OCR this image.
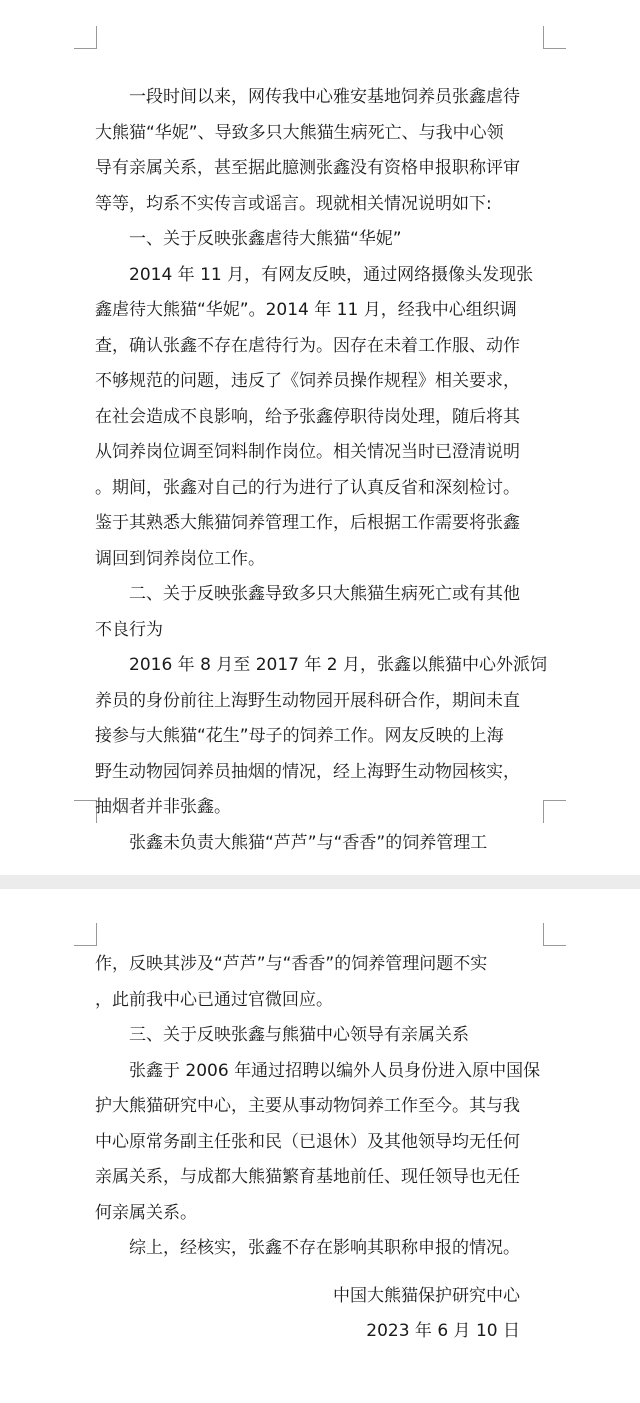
一段时间以来，网传我中心雅安基地饲养员张鑫虐待
大熊猫“华妮”、导致多只大熊猫生病死亡、与我中心领
导有亲属关系，甚至据此臆测张鑫没有资格申报职称评审
等等，均系不实传言或谣言。现就相关情况说明如下:
一、关于反映张鑫虐待大熊猫“华妮”
2014 年 11 月，有网友反映，通过网络摄像头发现张
鑫虐待大熊猫“华妮”。2014 年 11 月，经我中心组织调
查，确认张鑫不存在虐待行为。因存在未着工作服、动作
不够规范的问题，违反了《饲养员操作规程》相关要求，
在社会造成不良影响，给予张鑫停职待岗处理，随后将其
从饲养岗位调至饲料制作岗位。相关情况当时已澄清说明
。期间，张鑫对自己的行为进行了认真反省和深刻检讨。
鉴于其熟悉大熊猫饲养管理工作，后根据工作需要将张鑫
调回到饲养岗位工作。
二、关于反映张鑫导致多只大熊猫生病死亡或有其他
不良行为
2016 年 8 月至 2017 年 2 月，张鑫以熊猫中心外派饲
养员的身份前往上海野生动物园开展科研合作，期间未直
接参与大熊猫“花生”母子的饲养工作。网友反映的上海
野生动物园饲养员抽烟的情况，经上海野生动物园核实，
抽烟者并非张鑫。
张鑫未负责大熊猫“芦芦”与“香香”的饲养管理工
作，反映其涉及“芦芦”与“香香”的饲养管理问题不实
，此前我中心已通过官微回应。
三、关于反映张鑫与熊猫中心领导有亲属关系
张鑫于 2006 年通过招聘以编外人员身份进入原中国保
护大熊猫研究中心，主要从事动物饲养工作至今。其与我
中心原常务副主任张和民（已退休）及其他领导均无任何
亲属关系，与成都大熊猫繁育基地前任、现任领导也无任
何亲属关系。
综上，经核实，张鑫不存在影响其职称申报的情况。
中国大熊猫保护研究中心
2023 年 6 月 10 日
